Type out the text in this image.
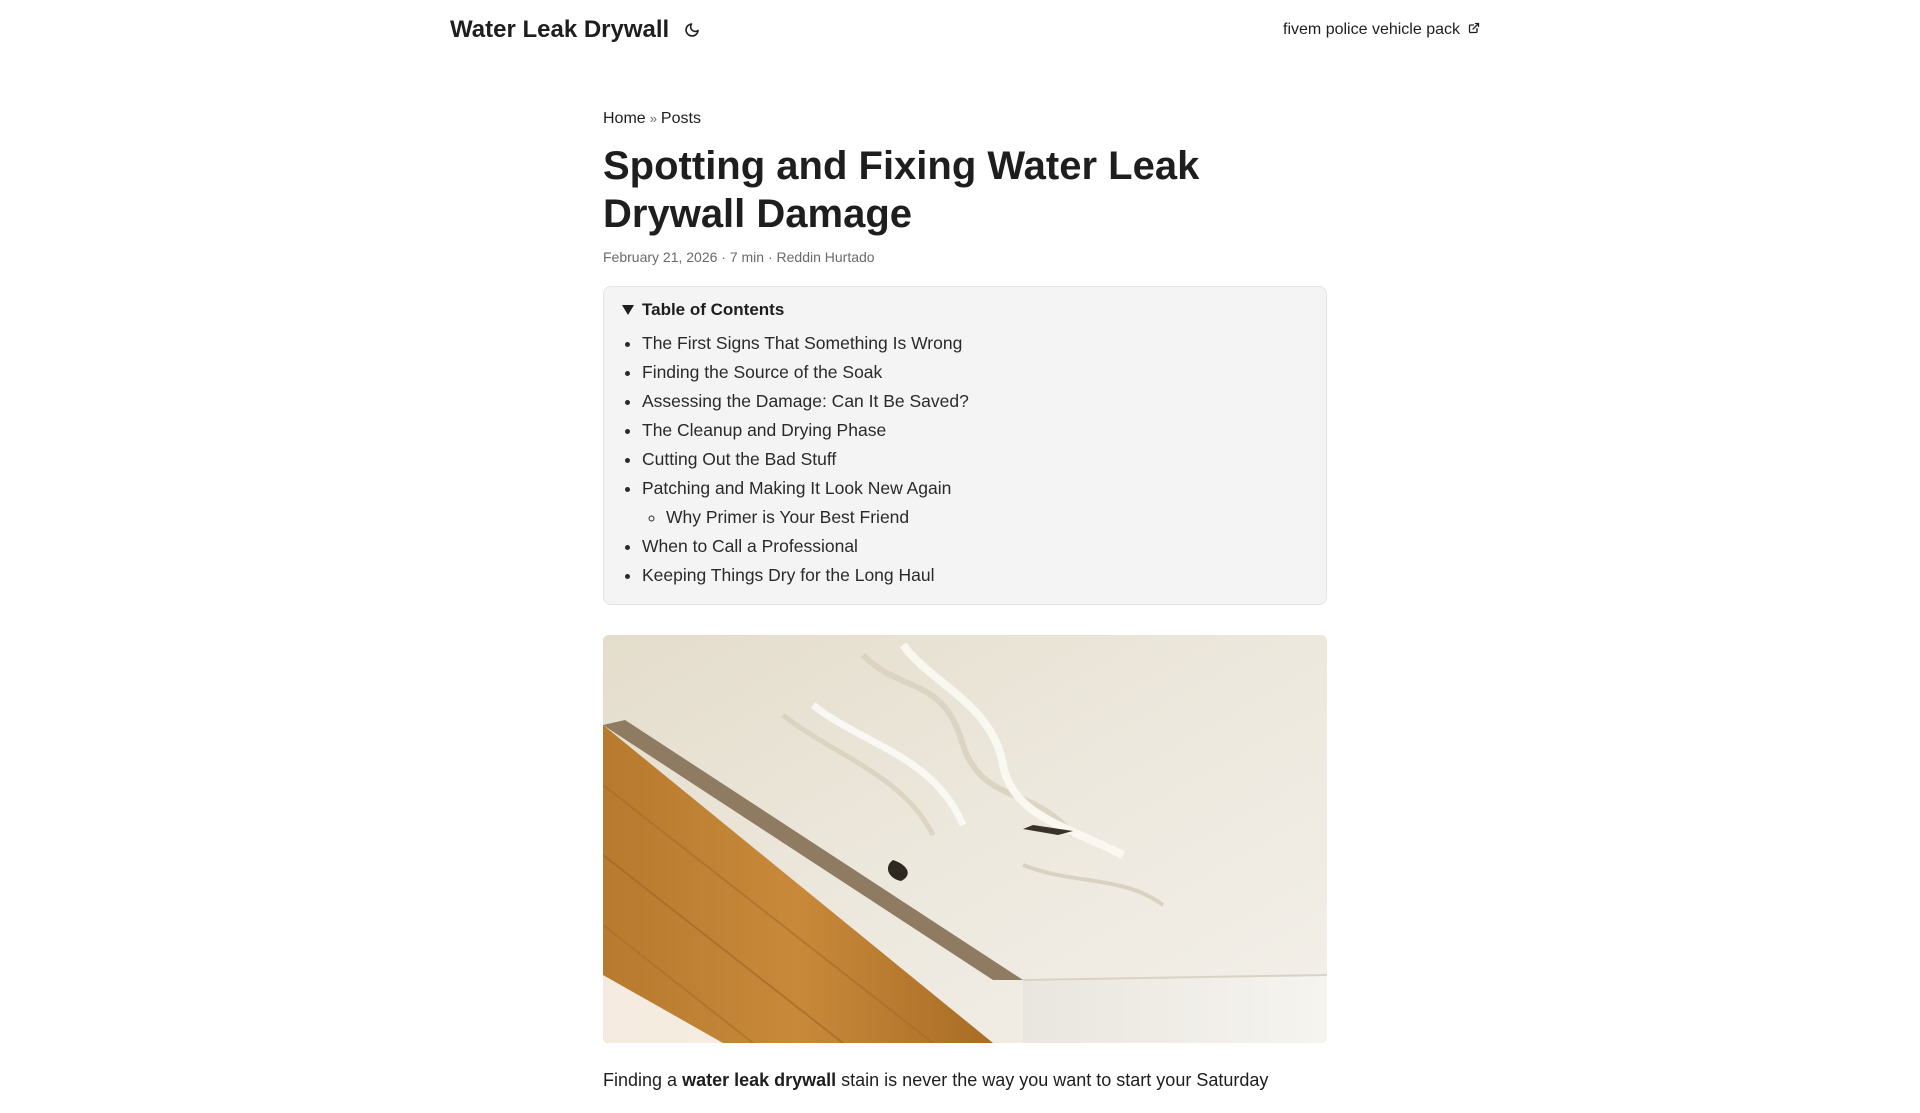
Water Leak Drywall	fivem police vehicle pack
Home » Posts
Spotting and Fixing Water Leak Drywall Damage
February 21, 2026 · 7 min · Reddin Hurtado
Table of Contents
• The First Signs That Something Is Wrong
• Finding the Source of the Soak
• Assessing the Damage: Can It Be Saved?
• The Cleanup and Drying Phase
• Cutting Out the Bad Stuff
• Patching and Making It Look New Again
◦ Why Primer is Your Best Friend
• When to Call a Professional
• Keeping Things Dry for the Long Haul

Finding a water leak drywall stain is never the way you want to start your Saturday
